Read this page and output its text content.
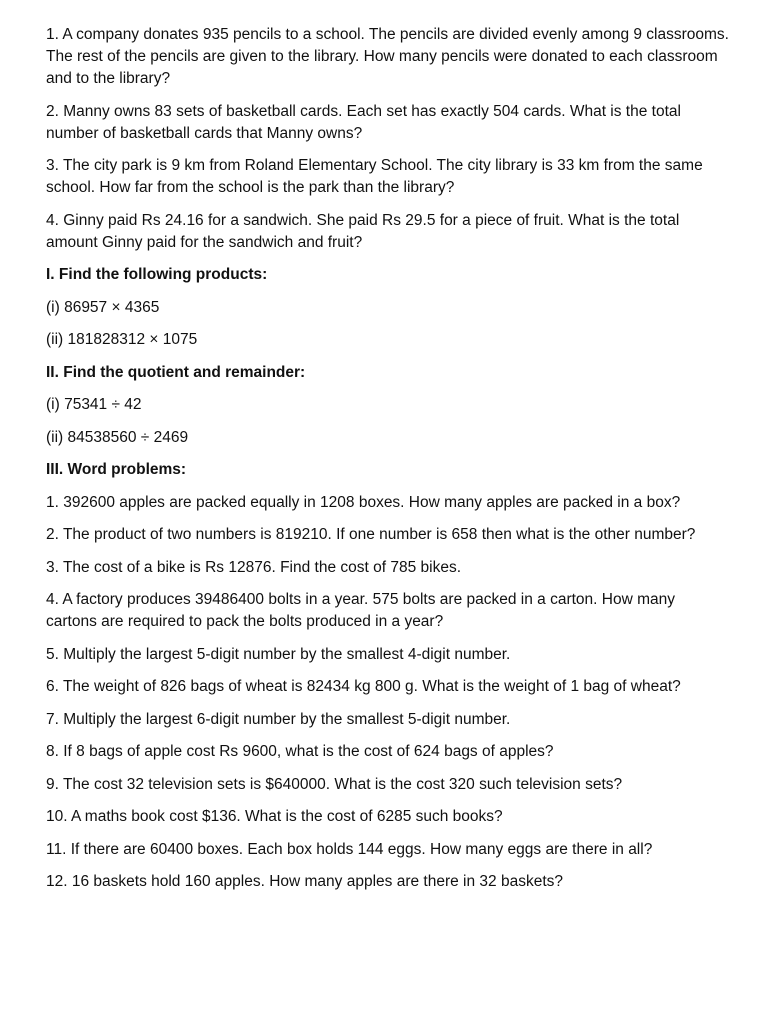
1. A company donates 935 pencils to a school. The pencils are divided evenly among 9 classrooms. The rest of the pencils are given to the library. How many pencils were donated to each classroom and to the library?

2. Manny owns 83 sets of basketball cards. Each set has exactly 504 cards. What is the total number of basketball cards that Manny owns?

3. The city park is 9 km from Roland Elementary School. The city library is 33 km from the same school. How far from the school is the park than the library?

4. Ginny paid Rs 24.16 for a sandwich. She paid Rs 29.5 for a piece of fruit. What is the total amount Ginny paid for the sandwich and fruit?

I. Find the following products:

(i) 86957 × 4365

(ii) 181828312 × 1075

II. Find the quotient and remainder:

(i) 75341 ÷ 42

(ii) 84538560 ÷ 2469

III. Word problems:

1. 392600 apples are packed equally in 1208 boxes. How many apples are packed in a box?

2. The product of two numbers is 819210. If one number is 658 then what is the other number?

3. The cost of a bike is Rs 12876. Find the cost of 785 bikes.

4. A factory produces 39486400 bolts in a year. 575 bolts are packed in a carton. How many cartons are required to pack the bolts produced in a year?

5. Multiply the largest 5-digit number by the smallest 4-digit number.

6. The weight of 826 bags of wheat is 82434 kg 800 g. What is the weight of 1 bag of wheat?

7. Multiply the largest 6-digit number by the smallest 5-digit number.

8. If 8 bags of apple cost Rs 9600, what is the cost of 624 bags of apples?

9. The cost 32 television sets is $640000. What is the cost 320 such television sets?

10. A maths book cost $136. What is the cost of 6285 such books?

11. If there are 60400 boxes. Each box holds 144 eggs. How many eggs are there in all?

12. 16 baskets hold 160 apples. How many apples are there in 32 baskets?
